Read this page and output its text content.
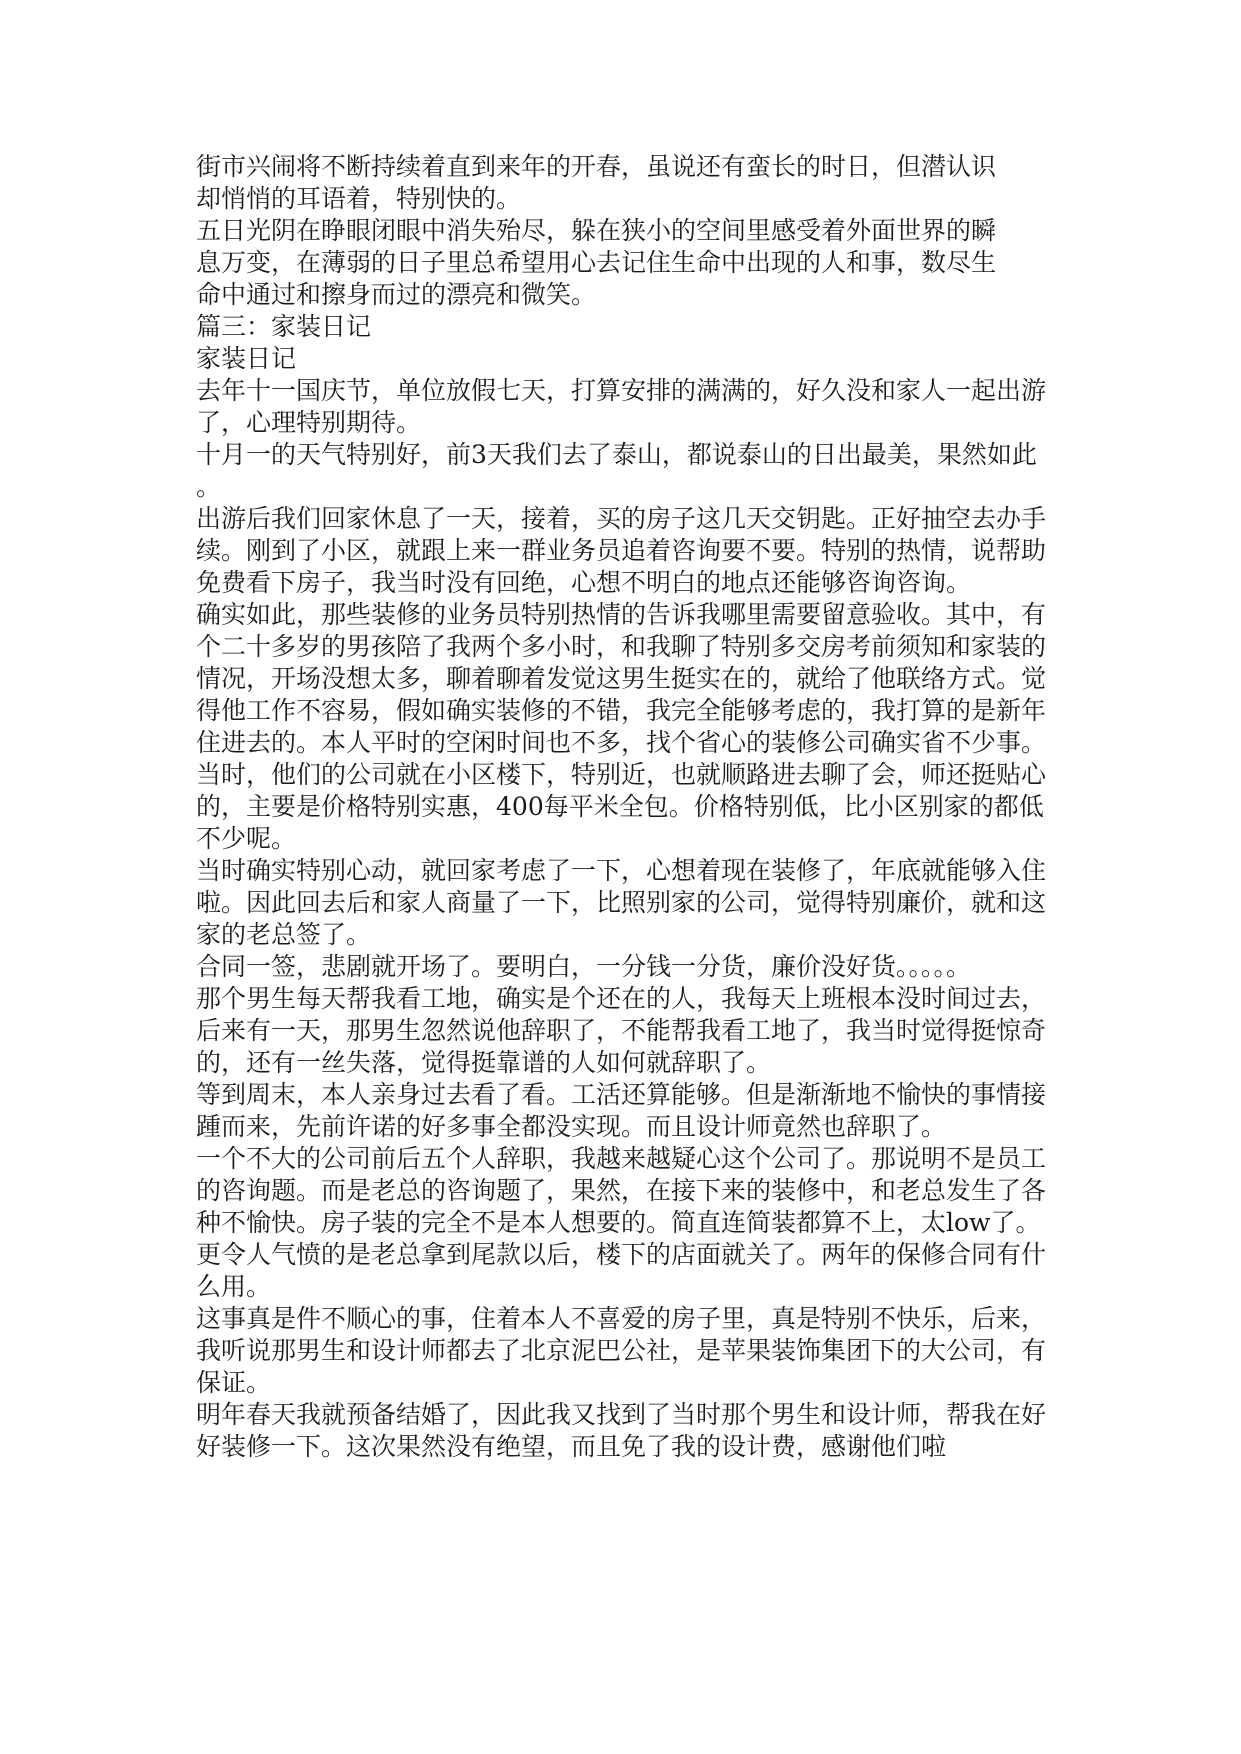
街市兴闹将不断持续着直到来年的开春，虽说还有蛮长的时日，但潜认识
却悄悄的耳语着，特别快的。
五日光阴在睁眼闭眼中消失殆尽，躲在狭小的空间里感受着外面世界的瞬
息万变，在薄弱的日子里总希望用心去记住生命中出现的人和事，数尽生
命中通过和擦身而过的漂亮和微笑。
篇三：家装日记
家装日记
去年十一国庆节，单位放假七天，打算安排的满满的，好久没和家人一起出游
了，心理特别期待。
十月一的天气特别好，前3天我们去了泰山，都说泰山的日出最美，果然如此
。
出游后我们回家休息了一天，接着，买的房子这几天交钥匙。正好抽空去办手
续。刚到了小区，就跟上来一群业务员追着咨询要不要。特别的热情，说帮助
免费看下房子，我当时没有回绝，心想不明白的地点还能够咨询咨询。
确实如此，那些装修的业务员特别热情的告诉我哪里需要留意验收。其中，有
个二十多岁的男孩陪了我两个多小时，和我聊了特别多交房考前须知和家装的
情况，开场没想太多，聊着聊着发觉这男生挺实在的，就给了他联络方式。觉
得他工作不容易，假如确实装修的不错，我完全能够考虑的，我打算的是新年
住进去的。本人平时的空闲时间也不多，找个省心的装修公司确实省不少事。
当时，他们的公司就在小区楼下，特别近，也就顺路进去聊了会，师还挺贴心
的，主要是价格特别实惠，400每平米全包。价格特别低，比小区别家的都低
不少呢。
当时确实特别心动，就回家考虑了一下，心想着现在装修了，年底就能够入住
啦。因此回去后和家人商量了一下，比照别家的公司，觉得特别廉价，就和这
家的老总签了。
合同一签，悲剧就开场了。要明白，一分钱一分货，廉价没好货。。。。。
那个男生每天帮我看工地，确实是个还在的人，我每天上班根本没时间过去，
后来有一天，那男生忽然说他辞职了，不能帮我看工地了，我当时觉得挺惊奇
的，还有一丝失落，觉得挺靠谱的人如何就辞职了。
等到周末，本人亲身过去看了看。工活还算能够。但是渐渐地不愉快的事情接
踵而来，先前许诺的好多事全都没实现。而且设计师竟然也辞职了。
一个不大的公司前后五个人辞职，我越来越疑心这个公司了。那说明不是员工
的咨询题。而是老总的咨询题了，果然，在接下来的装修中，和老总发生了各
种不愉快。房子装的完全不是本人想要的。简直连简装都算不上，太low了。
更令人气愤的是老总拿到尾款以后，楼下的店面就关了。两年的保修合同有什
么用。
这事真是件不顺心的事，住着本人不喜爱的房子里，真是特别不快乐，后来，
我听说那男生和设计师都去了北京泥巴公社，是苹果装饰集团下的大公司，有
保证。
明年春天我就预备结婚了，因此我又找到了当时那个男生和设计师，帮我在好
好装修一下。这次果然没有绝望，而且免了我的设计费，感谢他们啦
